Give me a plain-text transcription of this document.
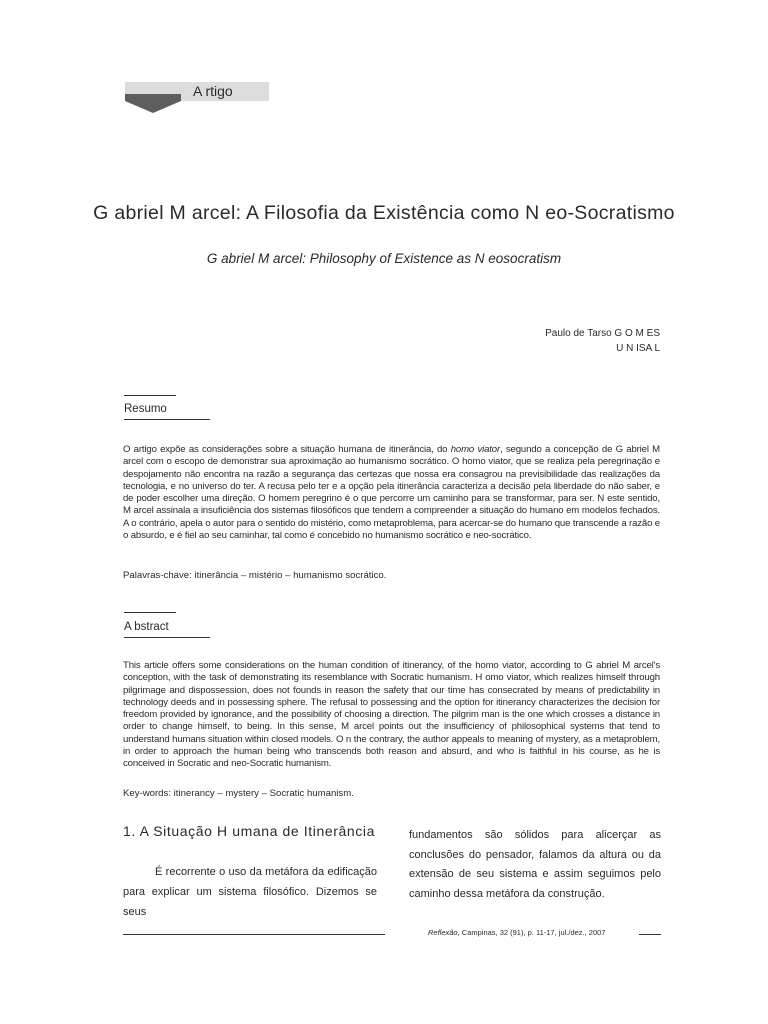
A rtigo
G abriel M arcel: A Filosofia da Existência como N eo-Socratismo
G abriel M arcel: Philosophy of Existence as N eosocratism
Paulo de Tarso G O M ES
U N ISA L
Resumo
O artigo expõe as considerações sobre a situação humana de itinerância, do homo viator, segundo a concepção de G abriel M arcel com o escopo de demonstrar sua aproximação ao humanismo socrático. O homo viator, que se realiza pela peregrinação e despojamento não encontra na razão a segurança das certezas que nossa era consagrou na previsibilidade das realizações da tecnologia, e no universo do ter. A recusa pelo ter e a opção pela itinerância caracteriza a decisão pela liberdade do não saber, e de poder escolher uma direção. O homem peregrino é o que percorre um caminho para se transformar, para ser. N este sentido, M arcel assinala a insuficiência dos sistemas filosóficos que tendem a compreender a situação do humano em modelos fechados. A o contrário, apela o autor para o sentido do mistério, como metaproblema, para acercar-se do humano que transcende a razão e o absurdo, e é fiel ao seu caminhar, tal como é concebido no humanismo socrático e neo-socrático.
Palavras-chave: itinerância – mistério – humanismo socrático.
A bstract
This article offers some considerations on the human condition of itinerancy, of the homo viator, according to G abriel M arcel's conception, with the task of demonstrating its resemblance with Socratic humanism. H omo viator, which realizes himself through pilgrimage and dispossession, does not founds in reason the safety that our time has consecrated by means of predictability in technology deeds and in possessing sphere. The refusal to possessing and the option for itinerancy characterizes the decision for freedom provided by ignorance, and the possibility of choosing a direction. The pilgrim man is the one which crosses a distance in order to change himself, to being. In this sense, M arcel points out the insufficiency of philosophical systems that tend to understand humans situation within closed models. O n the contrary, the author appeals to meaning of mystery, as a metaproblem, in order to approach the human being who transcends both reason and absurd, and who is faithful in his course, as he is conceived in Socratic and neo-Socratic humanism.
Key-words: itinerancy – mystery – Socratic humanism.
1. A Situação H umana de Itinerância
É recorrente o uso da metáfora da edificação para explicar um sistema filosófico. Dizemos se seus
fundamentos são sólidos para alicerçar as conclusões do pensador, falamos da altura ou da extensão de seu sistema e assim seguimos pelo caminho dessa metáfora da construção.
Reflexão, Campinas, 32 (91), p. 11-17, jul./dez., 2007
